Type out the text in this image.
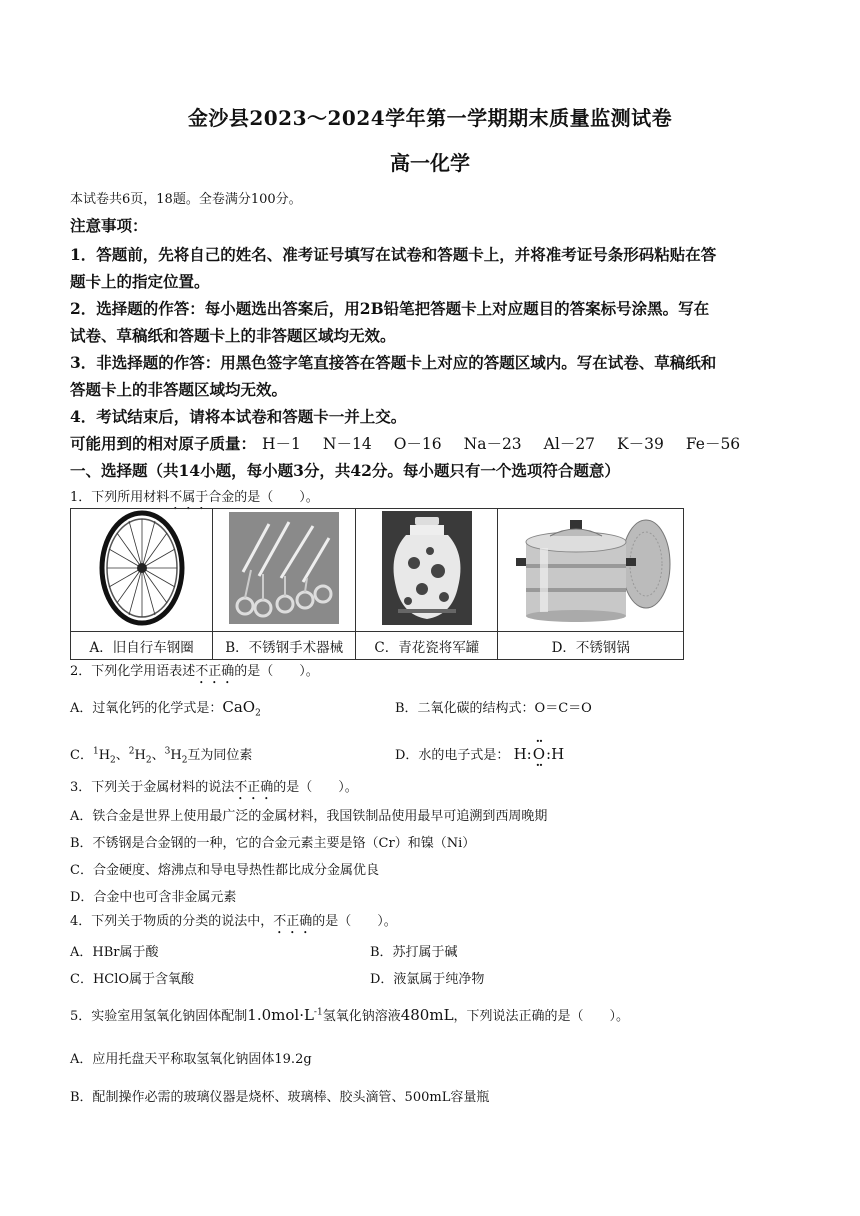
金沙县2023～2024学年第一学期期末质量监测试卷
高一化学
本试卷共6页，18题。全卷满分100分。
注意事项：
1．答题前，先将自己的姓名、准考证号填写在试卷和答题卡上，并将准考证号条形码粘贴在答
题卡上的指定位置。
2．选择题的作答：每小题选出答案后，用2B铅笔把答题卡上对应题目的答案标号涂黑。写在
试卷、草稿纸和答题卡上的非答题区域均无效。
3．非选择题的作答：用黑色签字笔直接答在答题卡上对应的答题区域内。写在试卷、草稿纸和
答题卡上的非答题区域均无效。
4．考试结束后，请将本试卷和答题卡一并上交。
可能用到的相对原子质量： H－1 N－14 O－16 Na－23 Al－27 K－39 Fe－56
一、选择题（共14小题，每小题3分，共42分。每小题只有一个选项符合题意）
1．下列所用材料不属于合金的是（　　）。

A．旧自行车钢圈	B．不锈钢手术器械	C．青花瓷将军罐	D．不锈钢锅
2．下列化学用语表述不正确的是（　　）。
A．过氧化钙的化学式是：CaO$_2$	B．二氧化碳的结构式：O＝C＝O
C．$^1H_2$、$^2H_2$、$^3H_2$互为同位素	D．水的电子式是： H:·· O ··:H
3．下列关于金属材料的说法不正确的是（　　）。
A．铁合金是世界上使用最广泛的金属材料，我国铁制品使用最早可追溯到西周晚期
B．不锈钢是合金钢的一种，它的合金元素主要是铬（Cr）和镍（Ni）
C．合金硬度、熔沸点和导电导热性都比成分金属优良
D．合金中也可含非金属元素
4．下列关于物质的分类的说法中，不正确的是（　　）。
A．HBr属于酸	B．苏打属于碱
C．HClO属于含氧酸	D．液氯属于纯净物
5．实验室用氢氧化钠固体配制$1.0mol\cdot L^{-1}$氢氧化钠溶液480mL，下列说法正确的是（　　）。
A．应用托盘天平称取氢氧化钠固体19.2g
B．配制操作必需的玻璃仪器是烧杯、玻璃棒、胶头滴管、500mL容量瓶
